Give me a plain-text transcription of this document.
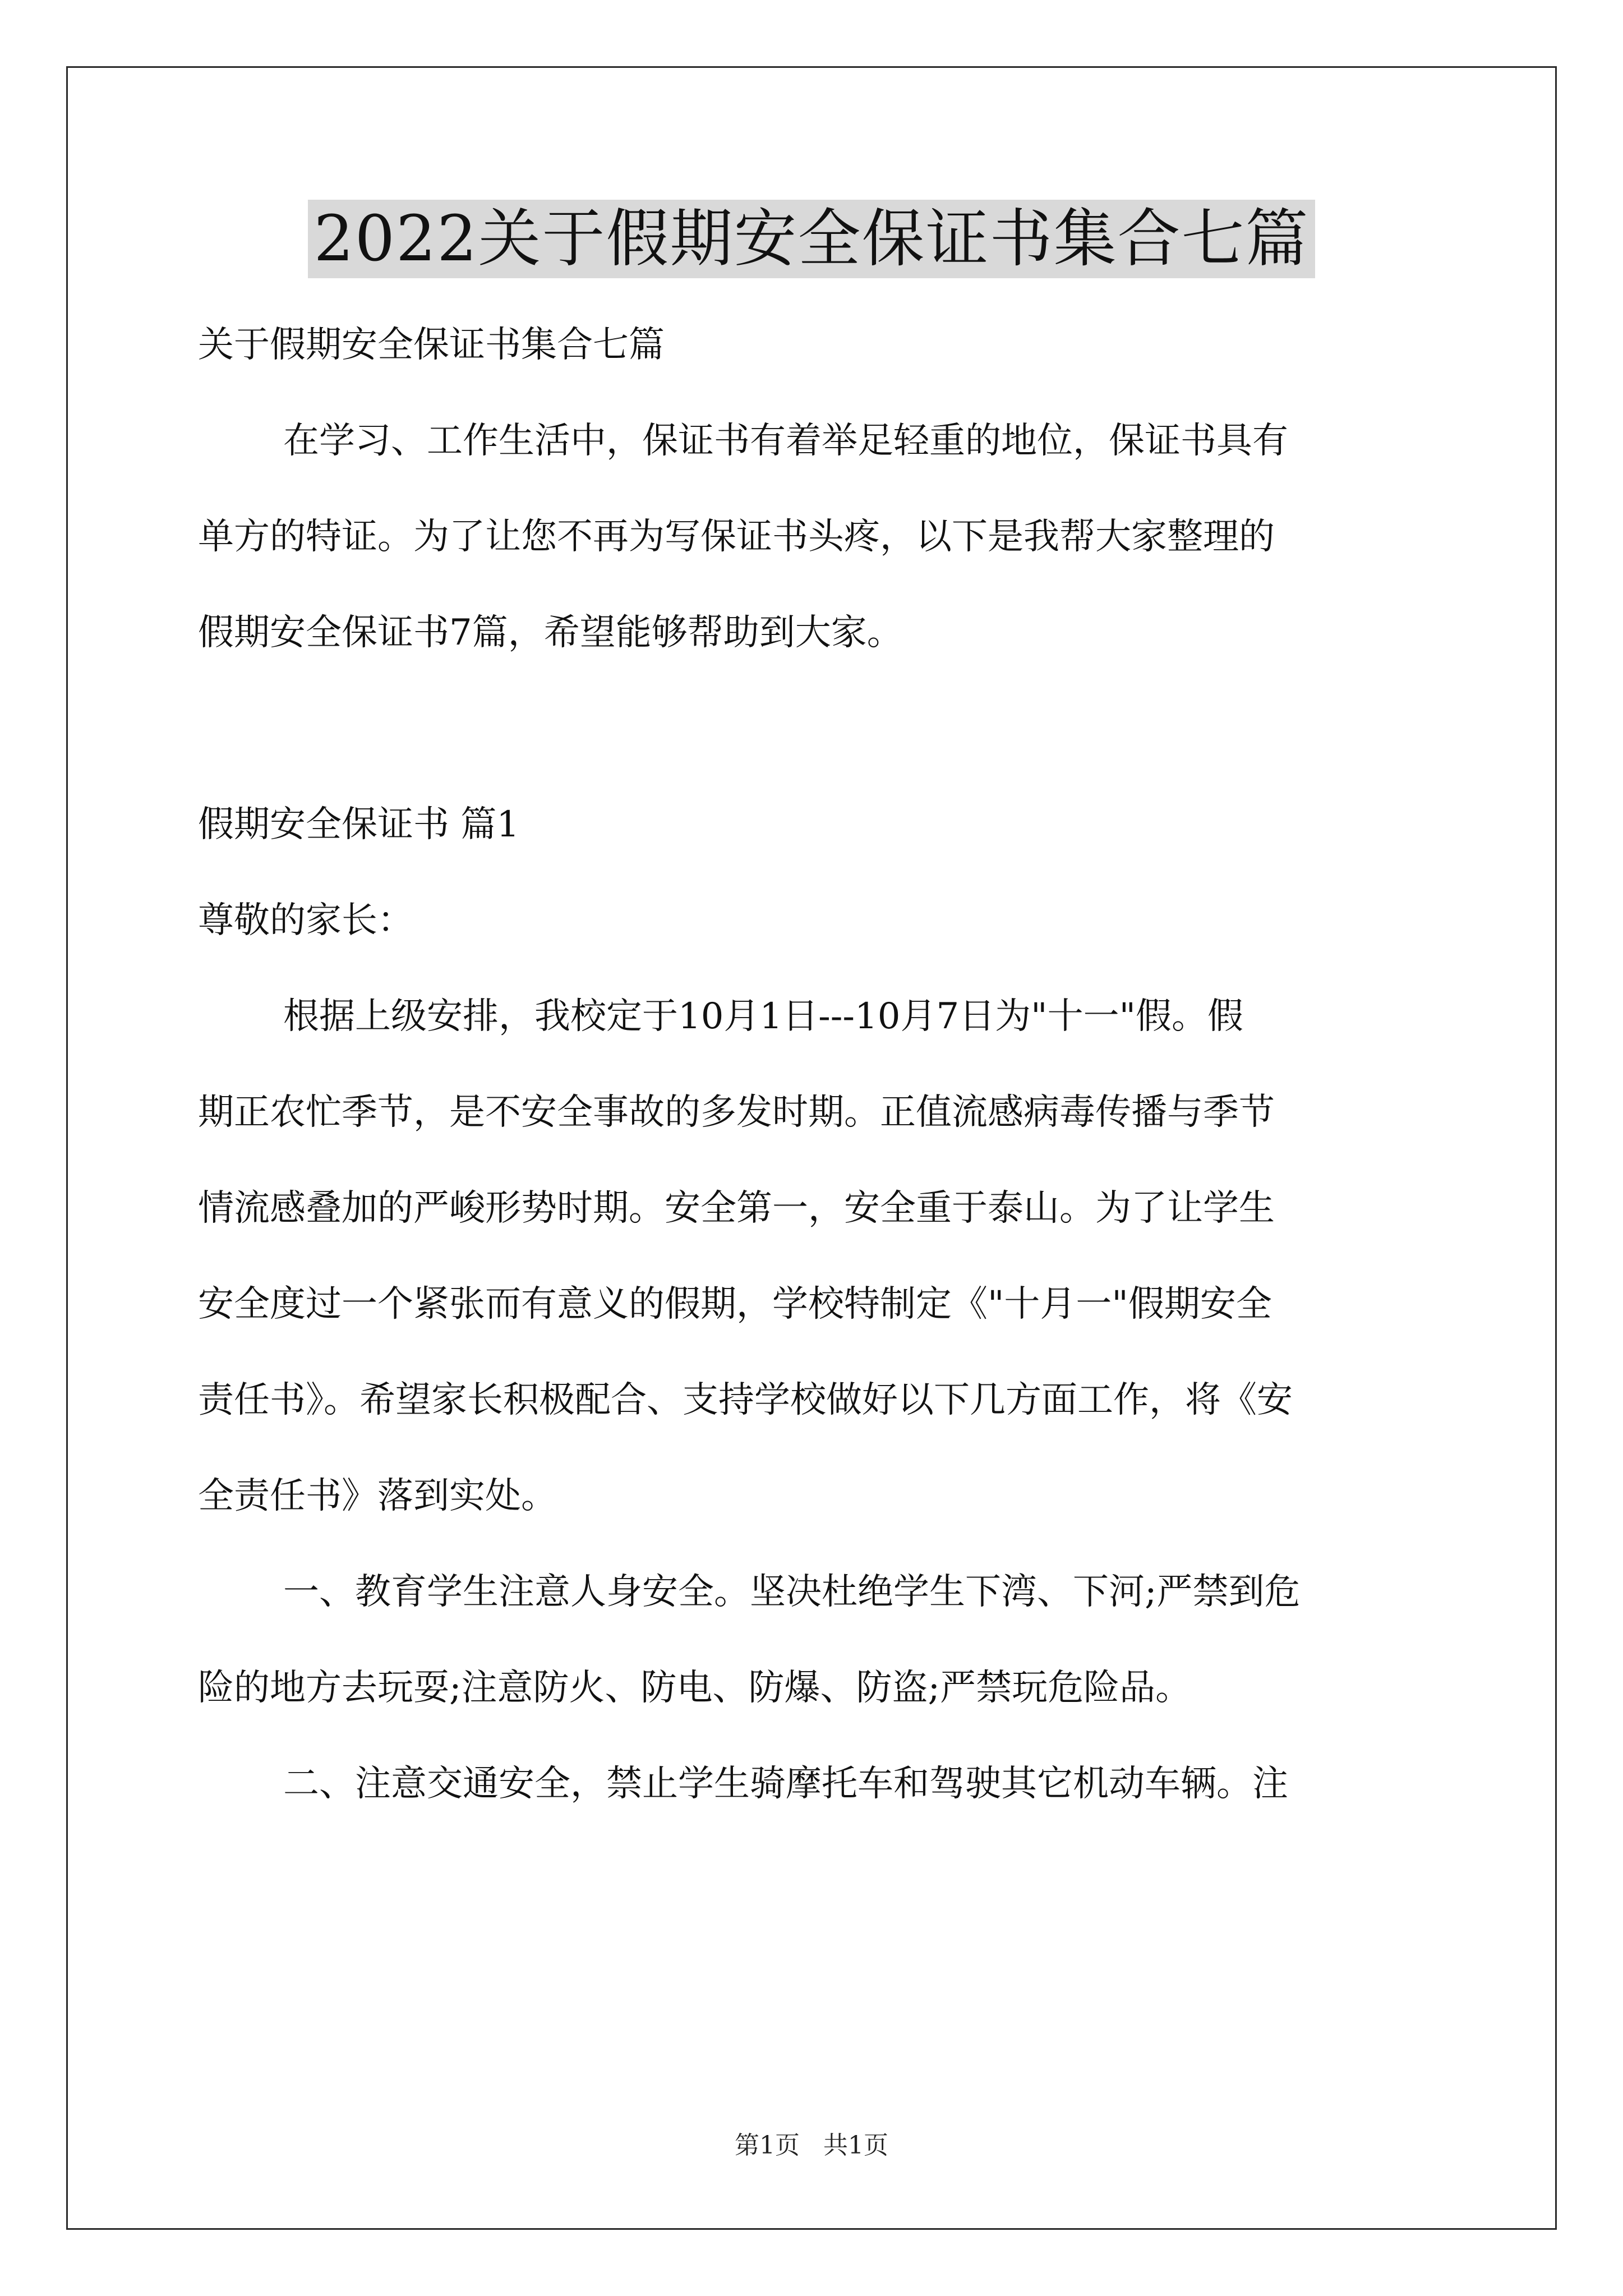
2022关于假期安全保证书集合七篇

关于假期安全保证书集合七篇

在学习、工作生活中，保证书有着举足轻重的地位，保证书具有

单方的特证。为了让您不再为写保证书头疼，以下是我帮大家整理的

假期安全保证书7篇，希望能够帮助到大家。

假期安全保证书 篇1

尊敬的家长：

根据上级安排，我校定于10月1日---10月7日为"十一"假。假

期正农忙季节，是不安全事故的多发时期。正值流感病毒传播与季节

情流感叠加的严峻形势时期。安全第一，安全重于泰山。为了让学生

安全度过一个紧张而有意义的假期，学校特制定《"十月一"假期安全

责任书》。希望家长积极配合、支持学校做好以下几方面工作，将《安

全责任书》落到实处。

一、教育学生注意人身安全。坚决杜绝学生下湾、下河;严禁到危

险的地方去玩耍;注意防火、防电、防爆、防盗;严禁玩危险品。

二、注意交通安全，禁止学生骑摩托车和驾驶其它机动车辆。注

第1页 共1页
